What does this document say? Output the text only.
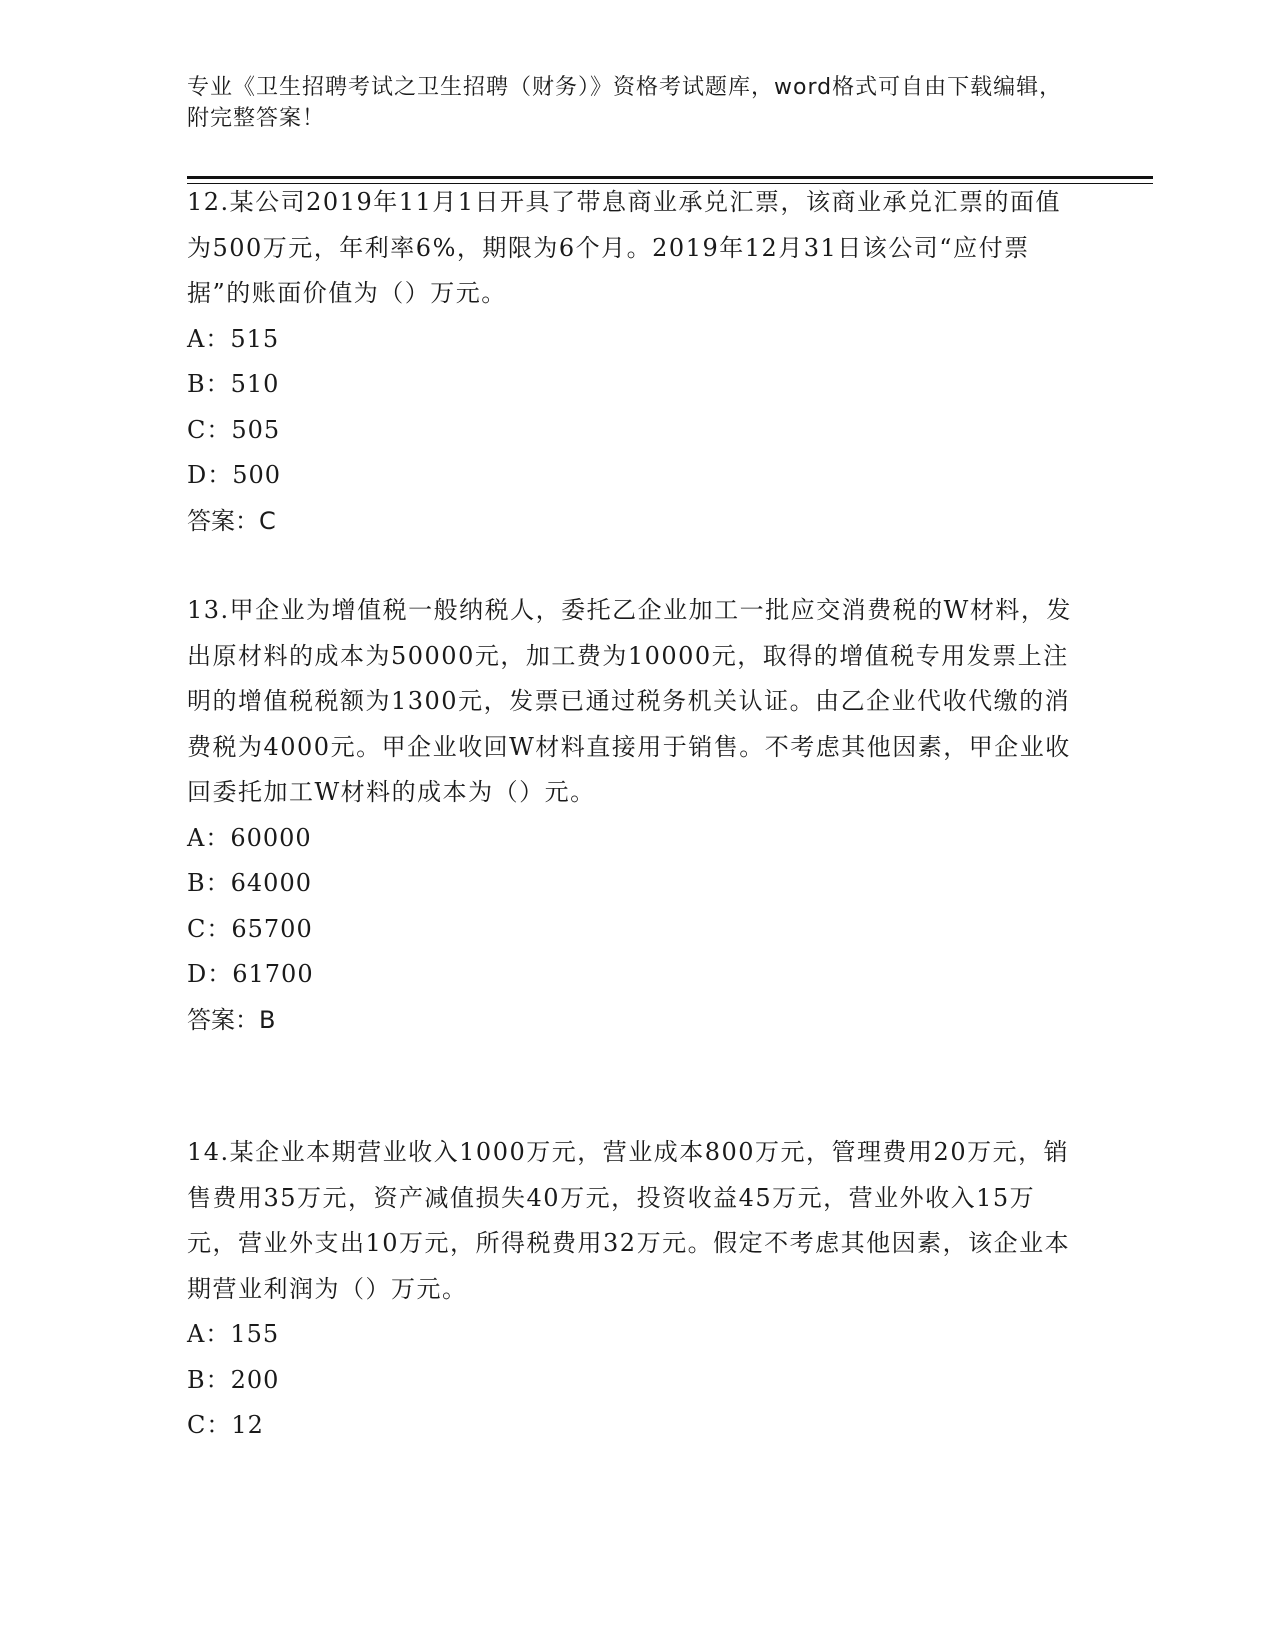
专业《卫生招聘考试之卫生招聘（财务）》资格考试题库，word格式可自由下载编辑，附完整答案！

12.某公司2019年11月1日开具了带息商业承兑汇票，该商业承兑汇票的面值为500万元，年利率6%，期限为6个月。2019年12月31日该公司“应付票据”的账面价值为（）万元。

A：515

B：510

C：505

D：500

答案：C

13.甲企业为增值税一般纳税人，委托乙企业加工一批应交消费税的W材料，发出原材料的成本为50000元，加工费为10000元，取得的增值税专用发票上注明的增值税税额为1300元，发票已通过税务机关认证。由乙企业代收代缴的消费税为4000元。甲企业收回W材料直接用于销售。不考虑其他因素，甲企业收回委托加工W材料的成本为（）元。

A：60000

B：64000

C：65700

D：61700

答案：B

14.某企业本期营业收入1000万元，营业成本800万元，管理费用20万元，销售费用35万元，资产减值损失40万元，投资收益45万元，营业外收入15万元，营业外支出10万元，所得税费用32万元。假定不考虑其他因素，该企业本期营业利润为（）万元。

A：155

B：200

C：12
